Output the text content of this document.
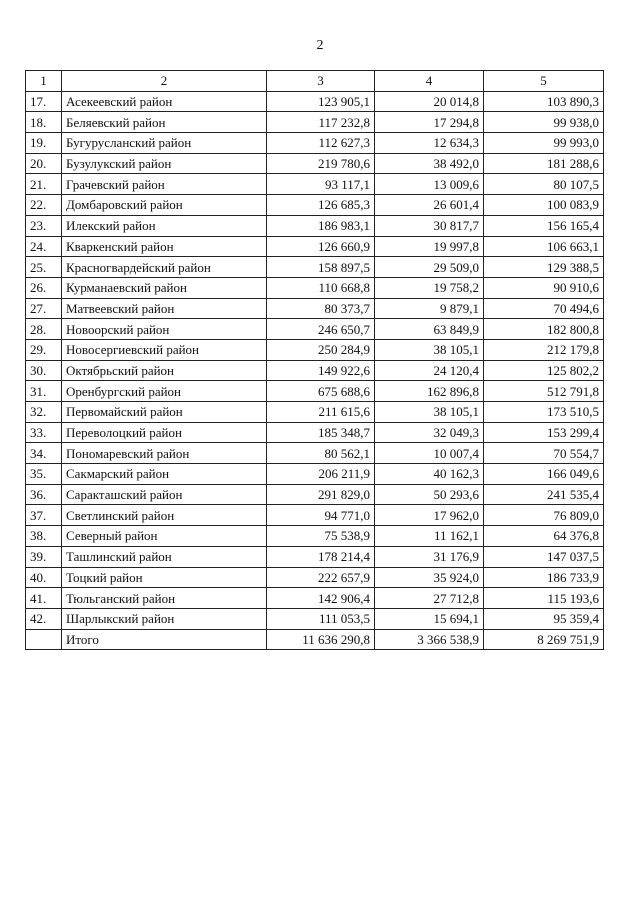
2
1	2	3	4	5
17.	Асекеевский район	123 905,1	20 014,8	103 890,3
18.	Беляевский район	117 232,8	17 294,8	99 938,0
19.	Бугурусланский район	112 627,3	12 634,3	99 993,0
20.	Бузулукский район	219 780,6	38 492,0	181 288,6
21.	Грачевский район	93 117,1	13 009,6	80 107,5
22.	Домбаровский район	126 685,3	26 601,4	100 083,9
23.	Илекский район	186 983,1	30 817,7	156 165,4
24.	Кваркенский район	126 660,9	19 997,8	106 663,1
25.	Красногвардейский район	158 897,5	29 509,0	129 388,5
26.	Курманаевский район	110 668,8	19 758,2	90 910,6
27.	Матвеевский район	80 373,7	9 879,1	70 494,6
28.	Новоорский район	246 650,7	63 849,9	182 800,8
29.	Новосергиевский район	250 284,9	38 105,1	212 179,8
30.	Октябрьский район	149 922,6	24 120,4	125 802,2
31.	Оренбургский район	675 688,6	162 896,8	512 791,8
32.	Первомайский район	211 615,6	38 105,1	173 510,5
33.	Переволоцкий район	185 348,7	32 049,3	153 299,4
34.	Пономаревский район	80 562,1	10 007,4	70 554,7
35.	Сакмарский район	206 211,9	40 162,3	166 049,6
36.	Саракташский район	291 829,0	50 293,6	241 535,4
37.	Светлинский район	94 771,0	17 962,0	76 809,0
38.	Северный район	75 538,9	11 162,1	64 376,8
39.	Ташлинский район	178 214,4	31 176,9	147 037,5
40.	Тоцкий район	222 657,9	35 924,0	186 733,9
41.	Тюльганский район	142 906,4	27 712,8	115 193,6
42.	Шарлыкский район	111 053,5	15 694,1	95 359,4
	Итого	11 636 290,8	3 366 538,9	8 269 751,9
